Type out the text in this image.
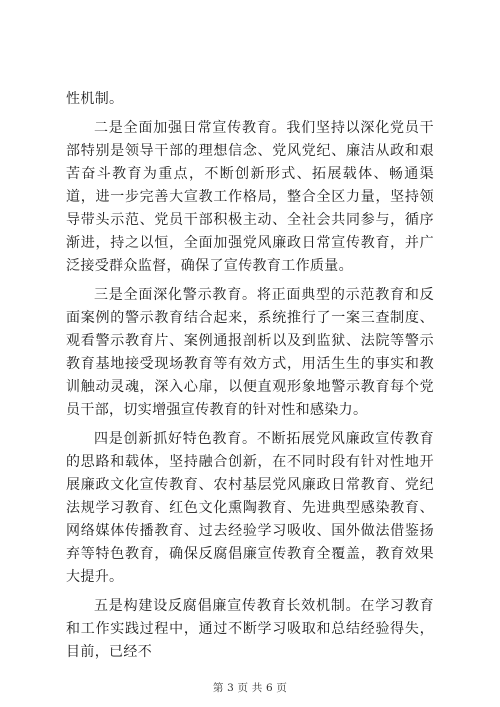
性机制。

二是全面加强日常宣传教育。我们坚持以深化党员干部特别是领导干部的理想信念、党风党纪、廉洁从政和艰苦奋斗教育为重点，不断创新形式、拓展载体、畅通渠道，进一步完善大宣教工作格局，整合全区力量，坚持领导带头示范、党员干部积极主动、全社会共同参与，循序渐进，持之以恒，全面加强党风廉政日常宣传教育，并广泛接受群众监督，确保了宣传教育工作质量。

三是全面深化警示教育。将正面典型的示范教育和反面案例的警示教育结合起来，系统推行了一案三查制度、观看警示教育片、案例通报剖析以及到监狱、法院等警示教育基地接受现场教育等有效方式，用活生生的事实和教训触动灵魂，深入心扉，以便直观形象地警示教育每个党员干部，切实增强宣传教育的针对性和感染力。

四是创新抓好特色教育。不断拓展党风廉政宣传教育的思路和载体，坚持融合创新，在不同时段有针对性地开展廉政文化宣传教育、农村基层党风廉政日常教育、党纪法规学习教育、红色文化熏陶教育、先进典型感染教育、网络媒体传播教育、过去经验学习吸收、国外做法借鉴扬弃等特色教育，确保反腐倡廉宣传教育全覆盖，教育效果大提升。

五是构建设反腐倡廉宣传教育长效机制。在学习教育和工作实践过程中，通过不断学习吸取和总结经验得失，目前，已经不

第 3 页 共 6 页
